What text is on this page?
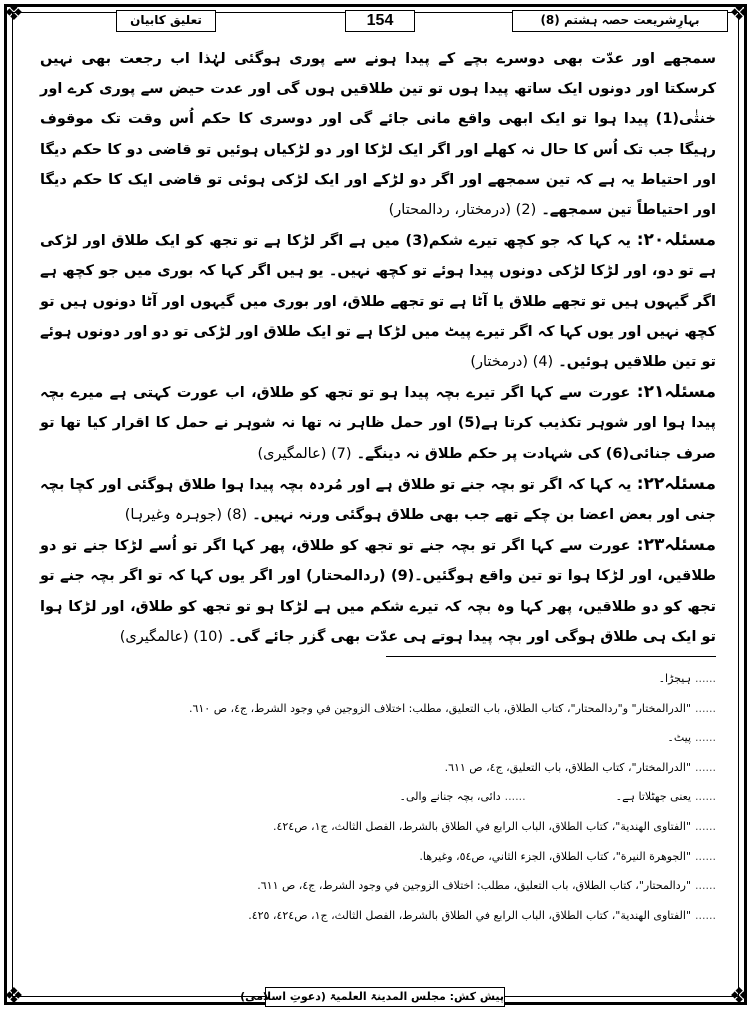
❖	❖
❖	❖
بہارِشریعت حصہ ہشتم (8)
154
تعلیق کابیان

سمجھے اور عدّت بھی دوسرے بچے کے پیدا ہونے سے پوری ہوگئی لہٰذا اب رجعت بھی نہیں کرسکتا اور دونوں ایک ساتھ پیدا ہوں تو تین طلاقیں ہوں گی اور عدت حیض سے پوری کرے اور خنثٰی(1) پیدا ہوا تو ایک ابھی واقع مانی جائے گی اور دوسری کا حکم اُس وقت تک موقوف رہیگا جب تک اُس کا حال نہ کھلے اور اگر ایک لڑکا اور دو لڑکیاں ہوئیں تو قاضی دو کا حکم دیگا اور احتیاط یہ ہے کہ تین سمجھے اور اگر دو لڑکے اور ایک لڑکی ہوئی تو قاضی ایک کا حکم دیگا اور احتیاطاً تین سمجھے۔ (2) (درمختار، ردالمحتار)

مسئلہ۲۰: یہ کہا کہ جو کچھ تیرے شکم(3) میں ہے اگر لڑکا ہے تو تجھ کو ایک طلاق اور لڑکی ہے تو دو، اور لڑکا لڑکی دونوں پیدا ہوئے تو کچھ نہیں۔ یو ہیں اگر کہا کہ بوری میں جو کچھ ہے اگر گیہوں ہیں تو تجھے طلاق یا آٹا ہے تو تجھے طلاق، اور بوری میں گیہوں اور آٹا دونوں ہیں تو کچھ نہیں اور یوں کہا کہ اگر تیرے پیٹ میں لڑکا ہے تو ایک طلاق اور لڑکی تو دو اور دونوں ہوئے تو تین طلاقیں ہوئیں۔ (4) (درمختار)

مسئلہ۲۱: عورت سے کہا اگر تیرے بچہ پیدا ہو تو تجھ کو طلاق، اب عورت کہتی ہے میرے بچہ پیدا ہوا اور شوہر تکذیب کرتا ہے(5) اور حمل ظاہر نہ تھا نہ شوہر نے حمل کا اقرار کیا تھا تو صرف جنائی(6) کی شہادت پر حکم طلاق نہ دینگے۔ (7) (عالمگیری)

مسئلہ۲۲: یہ کہا کہ اگر تو بچہ جنے تو طلاق ہے اور مُردہ بچہ پیدا ہوا طلاق ہوگئی اور کچا بچہ جنی اور بعض اعضا بن چکے تھے جب بھی طلاق ہوگئی ورنہ نہیں۔ (8) (جوہرہ وغیرہا)

مسئلہ۲۳: عورت سے کہا اگر تو بچہ جنے تو تجھ کو طلاق، پھر کہا اگر تو اُسے لڑکا جنے تو دو طلاقیں، اور لڑکا ہوا تو تین واقع ہوگئیں۔(9) (ردالمحتار) اور اگر یوں کہا کہ تو اگر بچہ جنے تو تجھ کو دو طلاقیں، پھر کہا وہ بچہ کہ تیرے شکم میں ہے لڑکا ہو تو تجھ کو طلاق، اور لڑکا ہوا تو ایک ہی طلاق ہوگی اور بچہ پیدا ہوتے ہی عدّت بھی گزر جائے گی۔ (10) (عالمگیری)

......ہیجڑا۔
......"الدرالمختار" و"ردالمحتار"، کتاب الطلاق، باب التعلیق، مطلب: اختلاف الزوجین في وجود الشرط، ج٤، ص ٦١٠.
......پیٹ۔
......"الدرالمختار"، کتاب الطلاق، باب التعلیق، ج٤، ص ٦١١.
......یعنی جھٹلاتا ہے۔......دائی، بچہ جنانے والی۔
......"الفتاوی الهندیة"، کتاب الطلاق، الباب الرابع في الطلاق بالشرط، الفصل الثالث، ج١، ص٤٢٤.
......"الجوهرة النيرة"، کتاب الطلاق، الجزء الثاني، ص٥٤، وغيرها.
......"ردالمحتار"، کتاب الطلاق، باب التعلیق، مطلب: اختلاف الزوجین في وجود الشرط، ج٤، ص ٦١١.
......"الفتاوی الهندیة"، کتاب الطلاق، الباب الرابع في الطلاق بالشرط، الفصل الثالث، ج١، ص٤٢٤، ٤٢٥.
پیش کش: مجلس المدینۃ العلمیۃ (دعوتِ اسلامی)
